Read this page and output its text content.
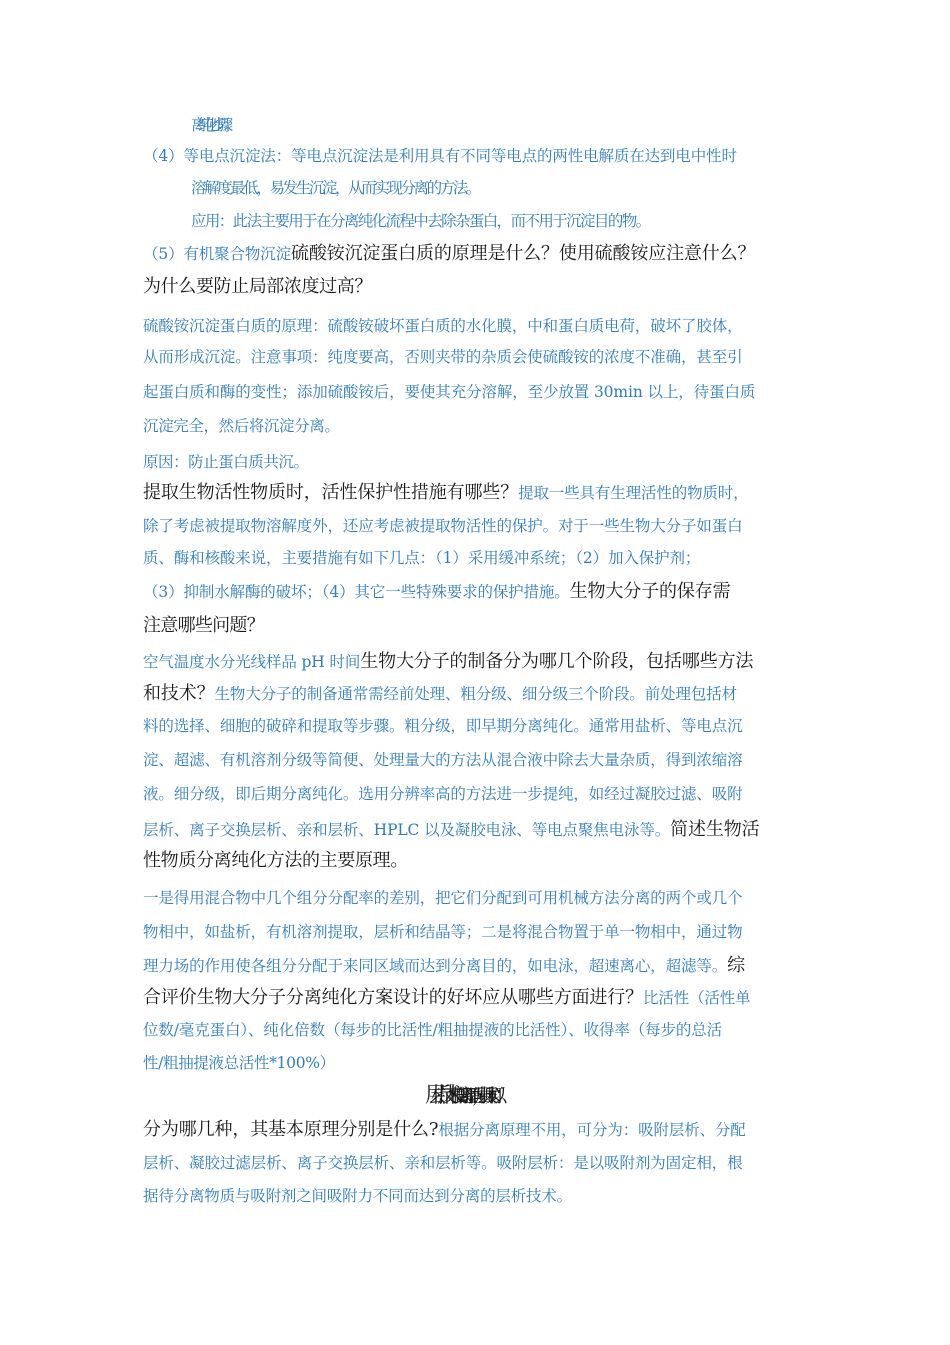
离纯化步骤。
（4）等电点沉淀法：等电点沉淀法是利用具有不同等电点的两性电解质在达到电中性时
溶解度最低，易发生沉淀，从而实现分离的方法。
应用：此法主要用于在分离纯化流程中去除杂蛋白，而不用于沉淀目的物。
（5）有机聚合物沉淀硫酸铵沉淀蛋白质的原理是什么？使用硫酸铵应注意什么？
为什么要防止局部浓度过高？
硫酸铵沉淀蛋白质的原理：硫酸铵破坏蛋白质的水化膜，中和蛋白质电荷，破坏了胶体，
从而形成沉淀。注意事项：纯度要高，否则夹带的杂质会使硫酸铵的浓度不准确，甚至引
起蛋白质和酶的变性；添加硫酸铵后，要使其充分溶解，至少放置 30min 以上，待蛋白质
沉淀完全，然后将沉淀分离。
原因：防止蛋白质共沉。
提取生物活性物质时，活性保护性措施有哪些？提取一些具有生理活性的物质时，
除了考虑被提取物溶解度外，还应考虑被提取物活性的保护。对于一些生物大分子如蛋白
质、酶和核酸来说，主要措施有如下几点：（1）采用缓冲系统；（2）加入保护剂；
（3）抑制水解酶的破坏；（4）其它一些特殊要求的保护措施。生物大分子的保存需
注意哪些问题？
空气温度水分光线样品 pH 时间生物大分子的制备分为哪几个阶段，包括哪些方法
和技术？生物大分子的制备通常需经前处理、粗分级、细分级三个阶段。前处理包括材
料的选择、细胞的破碎和提取等步骤。粗分级，即早期分离纯化。通常用盐析、等电点沉
淀、超滤、有机溶剂分级等简便、处理量大的方法从混合液中除去大量杂质，得到浓缩溶
液。细分级，即后期分离纯化。选用分辨率高的方法进一步提纯，如经过凝胶过滤、吸附
层析、离子交换层析、亲和层析、HPLC 以及凝胶电泳、等电点聚焦电泳等。简述生物活
性物质分离纯化方法的主要原理。
一是得用混合物中几个组分分配率的差别，把它们分配到可用机械方法分离的两个或几个
物相中，如盐析，有机溶剂提取，层析和结晶等；二是将混合物置于单一物相中，通过物
理力场的作用使各组分分配于来同区域而达到分离目的，如电泳，超速离心，超滤等。综
合评价生物大分子分离纯化方案设计的好坏应从哪些方面进行？比活性（活性单
位数/毫克蛋白）、纯化倍数（每步的比活性/粗抽提液的比活性）、收得率（每步的总活
性/粗抽提液总活性*100%）
层析技术根据分离原理不同，层析技术可以
分为哪几种，其基本原理分别是什么?根据分离原理不用，可分为：吸附层析、分配
层析、凝胶过滤层析、离子交换层析、亲和层析等。吸附层析：是以吸附剂为固定相，根
据待分离物质与吸附剂之间吸附力不同而达到分离的层析技术。
